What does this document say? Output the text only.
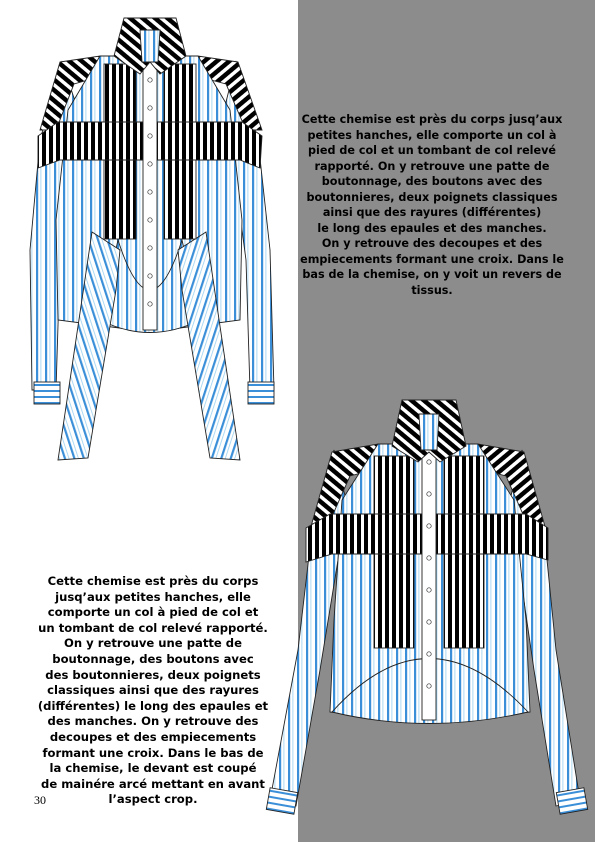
Cette chemise est près du corps jusq’aux
petites hanches, elle comporte un col à
pied de col et un tombant de col relevé
rapporté. On y retrouve une patte de
boutonnage, des boutons avec des
boutonnieres, deux poignets classiques
ainsi que des rayures (différentes)
le long des epaules et des manches.
On y retrouve des decoupes et des
empiecements formant une croix. Dans le
bas de la chemise, on y voit un revers de
tissus.

Cette chemise est près du corps
jusq’aux petites hanches, elle
comporte un col à pied de col et
un tombant de col relevé rapporté.
On y retrouve une patte de
boutonnage, des boutons avec
des boutonnieres, deux poignets
classiques ainsi que des rayures
(différentes) le long des epaules et
des manches. On y retrouve des
decoupes et des empiecements
formant une croix. Dans le bas de
la chemise, le devant est coupé
de mainére arcé mettant en avant
l’aspect crop.

30
